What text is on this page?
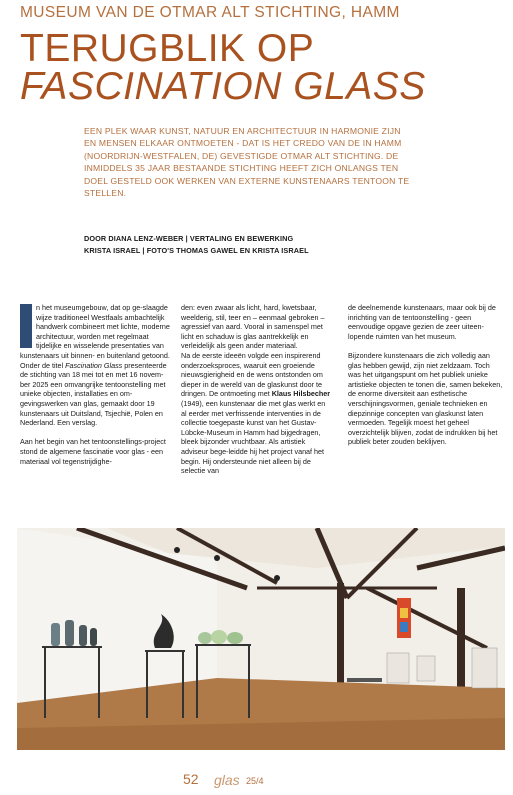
MUSEUM VAN DE OTMAR ALT STICHTING, HAMM
TERUGBLIK OP
FASCINATION GLASS
EEN PLEK WAAR KUNST, NATUUR EN ARCHITECTUUR IN HARMONIE ZIJN EN MENSEN ELKAAR ONTMOETEN - DAT IS HET CREDO VAN DE IN HAMM (NOORDRIJN-WESTFALEN, DE) GEVESTIGDE OTMAR ALT STICHTING. DE INMIDDELS 35 JAAR BESTAANDE STICHTING HEEFT ZICH ONLANGS TEN DOEL GESTELD OOK WERKEN VAN EXTERNE KUNSTENAARS TENTOON TE STELLEN.
DOOR DIANA LENZ-WEBER | VERTALING EN BEWERKING
KRISTA ISRAEL | FOTO'S THOMAS GAWEL EN KRISTA ISRAEL

n het museumgebouw, dat op ge-slaagde wijze traditioneel Westfaals ambachtelijk handwerk combineert met lichte, moderne architectuur, worden met regelmaat tijdelijke en wisselende presentaties van kunstenaars uit binnen- en buitenland getoond. Onder de titel Fascination Glass presenteerde de stichting van 18 mei tot en met 16 novem-ber 2025 een omvangrijke tentoonstelling met unieke objecten, installaties en om-gevingswerken van glas, gemaakt door 19 kunstenaars uit Duitsland, Tsjechië, Polen en Nederland. Een verslag.

Aan het begin van het tentoonstellings-project stond de algemene fascinatie voor glas - een materiaal vol tegenstrijdighe-

den: even zwaar als licht, hard, kwetsbaar, weelderig, stil, teer en – eenmaal gebroken – agressief van aard. Vooral in samenspel met licht en schaduw is glas aantrekkelijk en verleidelijk als geen ander materiaal.

Na de eerste ideeën volgde een inspirerend onderzoeksproces, waaruit een groeiende nieuwsgierigheid en de wens ontstonden om dieper in de wereld van de glaskunst door te dringen. De ontmoeting met Klaus Hilsbecher (1949), een kunstenaar die met glas werkt en al eerder met verfrissende interventies in de collectie toegepaste kunst van het Gustav-Lübcke-Museum in Hamm had bijgedragen, bleek bijzonder vruchtbaar. Als artistiek adviseur bege-leidde hij het project vanaf het begin. Hij ondersteunde niet alleen bij de selectie van

de deelnemende kunstenaars, maar ook bij de inrichting van de tentoonstelling - geen eenvoudige opgave gezien de zeer uiteen-lopende ruimten van het museum.

Bijzondere kunstenaars die zich volledig aan glas hebben gewijd, zijn niet zeldzaam. Toch was het uitgangspunt om het publiek unieke artistieke objecten te tonen die, samen bekeken, de enorme diversiteit aan esthetische verschijningsvormen, geniale technieken en diepzinnige concepten van glaskunst laten vermoeden. Tegelijk moest het geheel overzichtelijk blijven, zodat de indrukken bij het publiek beter zouden beklijven.

52 glas 25/4
